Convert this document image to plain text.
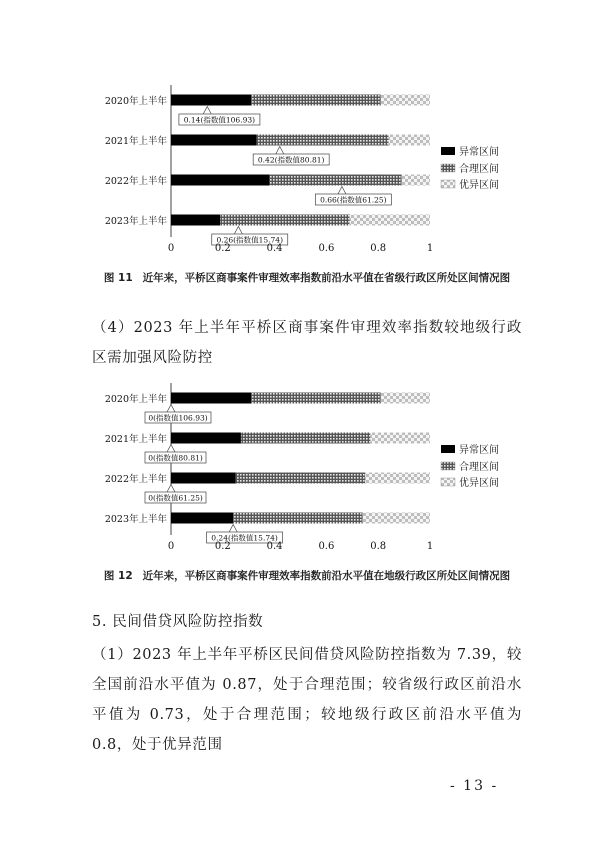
2020年上半年
0.14(指数值106.93)
2021年上半年
0.42(指数值80.81)
2022年上半年
0.66(指数值61.25)
2023年上半年
0.26(指数值15.74)
0	0.2	0.4	0.6	0.8	1
异常区间
合理区间
优异区间
图 11 近年来，平桥区商事案件审理效率指数前沿水平值在省级行政区所处区间情况图
（4）2023 年上半年平桥区商事案件审理效率指数较地级行政区需加强风险防控
2020年上半年
0(指数值106.93)
2021年上半年
0(指数值80.81)
2022年上半年
0(指数值61.25)
2023年上半年
0.24(指数值15.74)
0	0.2	0.4	0.6	0.8	1
异常区间
合理区间
优异区间
图 12 近年来，平桥区商事案件审理效率指数前沿水平值在地级行政区所处区间情况图
5. 民间借贷风险防控指数
（1）2023 年上半年平桥区民间借贷风险防控指数为 7.39，较全国前沿水平值为 0.87，处于合理范围；较省级行政区前沿水平值为 0.73，处于合理范围；较地级行政区前沿水平值为 0.8，处于优异范围
- 13 -
